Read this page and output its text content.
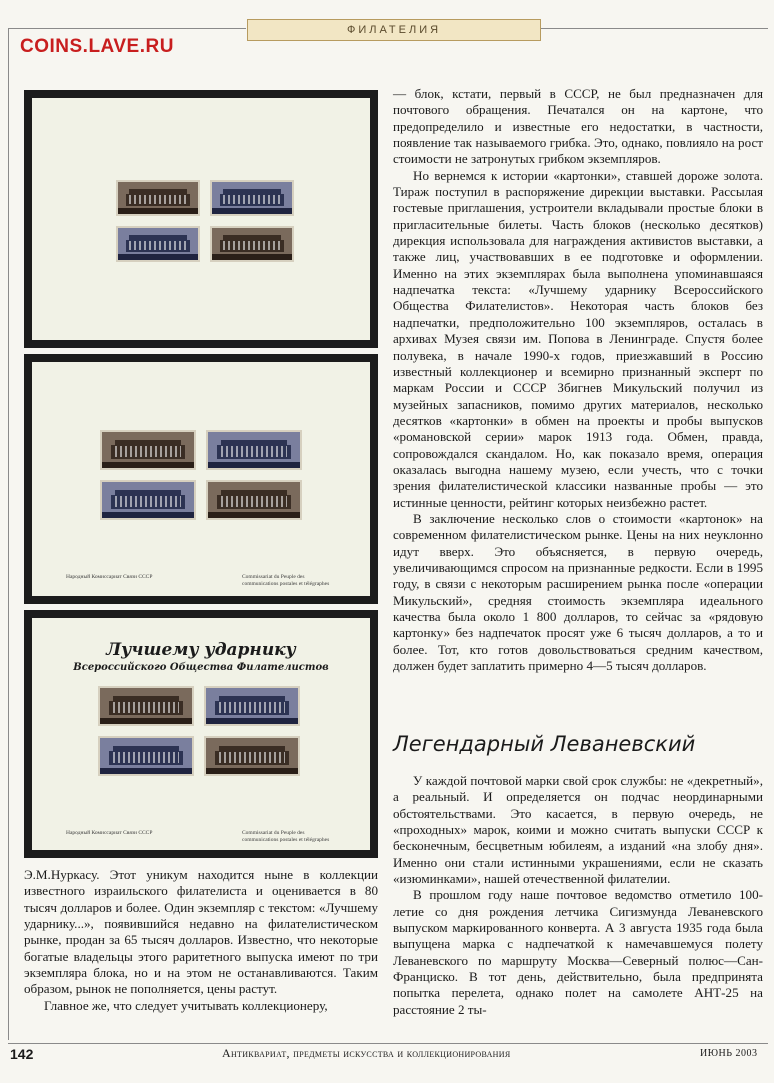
COINS.LAVE.RU
ФИЛАТЕЛИЯ
Народный Комиссариат Связи СССР	Commissariat du Peuple des communications postales et télégraphes
Лучшему ударнику
Всероссийского Общества Филателистов
Народный Комиссариат Связи СССР	Commissariat du Peuple des communications postales et télégraphes

— блок, кстати, первый в СССР, не был предназначен для почтового обращения. Печатался он на картоне, что предопределило и известные его недостатки, в частности, появление так называемого грибка. Это, однако, повлияло на рост стоимости не затронутых грибком экземпляров.

Но вернемся к истории «картонки», ставшей дороже золота. Тираж поступил в распоряжение дирекции выставки. Рассылая гостевые приглашения, устроители вкладывали простые блоки в пригласительные билеты. Часть блоков (несколько десятков) дирекция использовала для награждения активистов выставки, а также лиц, участвовавших в ее подготовке и оформлении. Именно на этих экземплярах была выполнена упоминавшаяся надпечатка текста: «Лучшему ударнику Всероссийского Общества Филателистов». Некоторая часть блоков без надпечатки, предположительно 100 экземпляров, осталась в архивах Музея связи им. Попова в Ленинграде. Спустя более полувека, в начале 1990-х годов, приезжавший в Россию известный коллекционер и всемирно признанный эксперт по маркам России и СССР Збигнев Микульский получил из музейных запасников, помимо других материалов, несколько десятков «картонки» в обмен на проекты и пробы выпусков «романовской серии» марок 1913 года. Обмен, правда, сопровождался скандалом. Но, как показало время, операция оказалась выгодна нашему музею, если учесть, что с точки зрения филателистической классики названные пробы — это истинные ценности, рейтинг которых неизбежно растет.

В заключение несколько слов о стоимости «картонок» на современном филателистическом рынке. Цены на них неуклонно идут вверх. Это объясняется, в первую очередь, увеличивающимся спросом на признанные редкости. Если в 1995 году, в связи с некоторым расширением рынка после «операции Микульский», средняя стоимость экземпляра идеального качества была около 1 800 долларов, то сейчас за «рядовую картонку» без надпечаток просят уже 6 тысяч долларов, а то и более. Тот, кто готов довольствоваться средним качеством, должен будет заплатить примерно 4—5 тысяч долларов.

Легендарный Леваневский

У каждой почтовой марки свой срок службы: не «декретный», а реальный. И определяется он подчас неординарными обстоятельствами. Это касается, в первую очередь, не «проходных» марок, коими и можно считать выпуски СССР к бесконечным, бесцветным юбилеям, а изданий «на злобу дня». Именно они стали истинными украшениями, если не сказать «изюминками», нашей отечественной филателии.

В прошлом году наше почтовое ведомство отметило 100-летие со дня рождения летчика Сигизмунда Леваневского выпуском маркированного конверта. А 3 августа 1935 года была выпущена марка с надпечаткой к намечавшемуся полету Леваневского по маршруту Москва—Северный полюс—Сан-Франциско. В тот день, действительно, была предпринята попытка перелета, однако полет на самолете АНТ-25 на расстояние 2 ты-

Э.М.Нуркасу. Этот уникум находится ныне в коллекции известного израильского филателиста и оценивается в 80 тысяч долларов и более. Один экземпляр с текстом: «Лучшему ударнику...», появившийся недавно на филателистическом рынке, продан за 65 тысяч долларов. Известно, что некоторые богатые владельцы этого раритетного выпуска имеют по три экземпляра блока, но и на этом не останавливаются. Таким образом, рынок не пополняется, цены растут.

Главное же, что следует учитывать коллекционеру,

142	Антиквариат, предметы искусства и коллекционирования	ИЮНЬ 2003
